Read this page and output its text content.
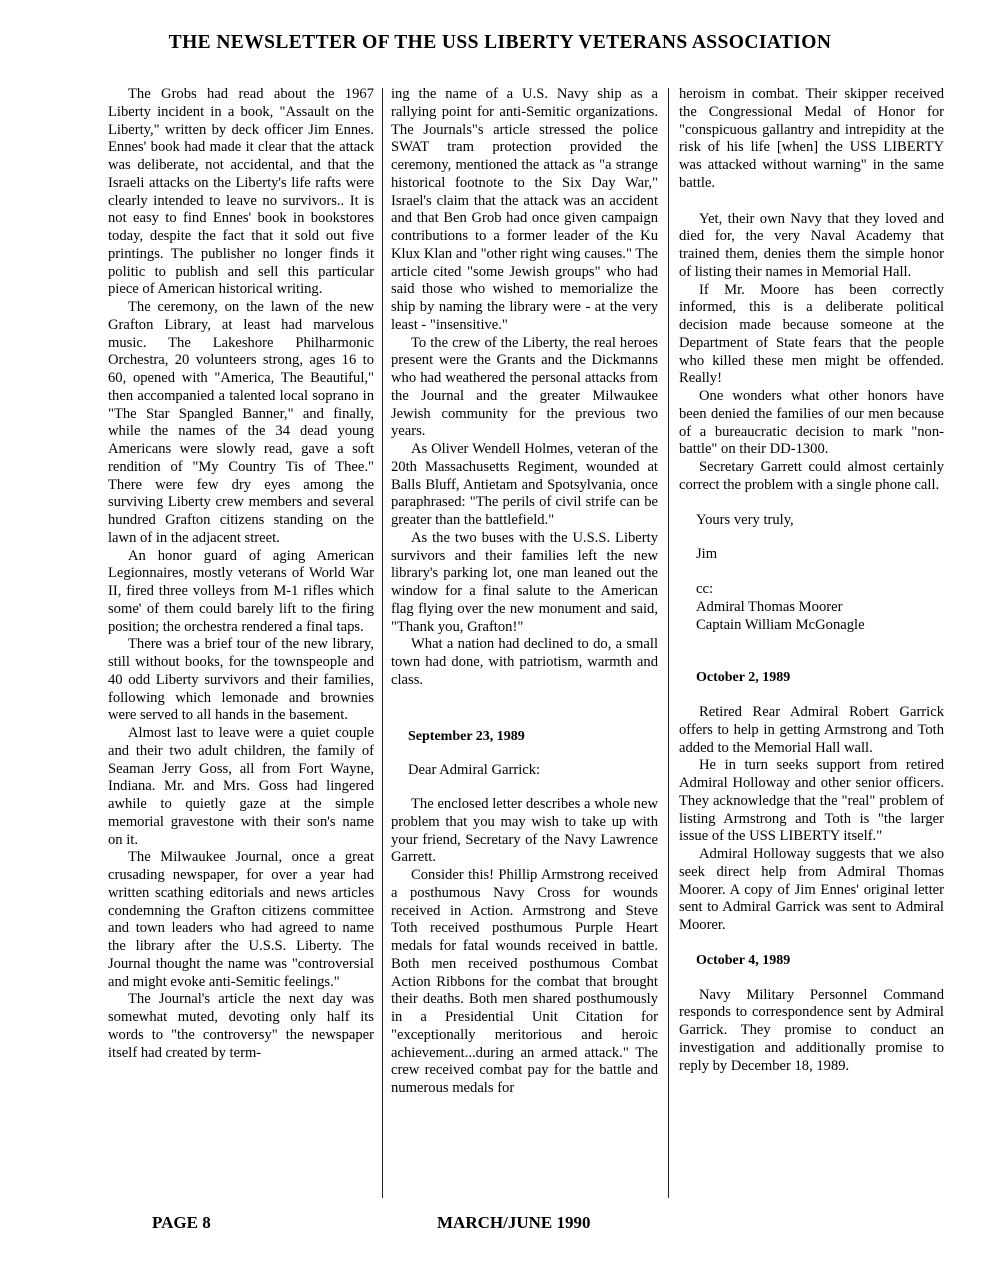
THE NEWSLETTER OF THE USS LIBERTY VETERANS ASSOCIATION

The Grobs had read about the 1967 Liberty incident in a book, "Assault on the Liberty," written by deck officer Jim Ennes. Ennes' book had made it clear that the attack was deliberate, not accidental, and that the Israeli attacks on the Liberty's life rafts were clearly intended to leave no survivors.. It is not easy to find Ennes' book in bookstores today, despite the fact that it sold out five printings. The publisher no longer finds it politic to publish and sell this particular piece of American historical writing.

The ceremony, on the lawn of the new Grafton Library, at least had marvelous music. The Lakeshore Philharmonic Orchestra, 20 volunteers strong, ages 16 to 60, opened with "America, The Beautiful," then accompanied a talented local soprano in "The Star Spangled Banner," and finally, while the names of the 34 dead young Americans were slowly read, gave a soft rendition of "My Country Tis of Thee." There were few dry eyes among the surviving Liberty crew members and several hundred Grafton citizens standing on the lawn of in the adjacent street.

An honor guard of aging American Legionnaires, mostly veterans of World War II, fired three volleys from M-1 rifles which some' of them could barely lift to the firing position; the orchestra rendered a final taps.

There was a brief tour of the new library, still without books, for the townspeople and 40 odd Liberty survivors and their families, following which lemonade and brownies were served to all hands in the basement.

Almost last to leave were a quiet couple and their two adult children, the family of Seaman Jerry Goss, all from Fort Wayne, Indiana. Mr. and Mrs. Goss had lingered awhile to quietly gaze at the simple memorial gravestone with their son's name on it.

The Milwaukee Journal, once a great crusading newspaper, for over a year had written scathing editorials and news articles condemning the Grafton citizens committee and town leaders who had agreed to name the library after the U.S.S. Liberty. The Journal thought the name was "controversial and might evoke anti-Semitic feelings."

The Journal's article the next day was somewhat muted, devoting only half its words to "the controversy" the newspaper itself had created by term-

ing the name of a U.S. Navy ship as a rallying point for anti-Semitic organizations. The Journals"s article stressed the police SWAT tram protection provided the ceremony, mentioned the attack as "a strange historical footnote to the Six Day War," Israel's claim that the attack was an accident and that Ben Grob had once given campaign contributions to a former leader of the Ku Klux Klan and "other right wing causes." The article cited "some Jewish groups" who had said those who wished to memorialize the ship by naming the library were - at the very least - "insensitive."

To the crew of the Liberty, the real heroes present were the Grants and the Dickmanns who had weathered the personal attacks from the Journal and the greater Milwaukee Jewish community for the previous two years.

As Oliver Wendell Holmes, veteran of the 20th Massachusetts Regiment, wounded at Balls Bluff, Antietam and Spotsylvania, once paraphrased: "The perils of civil strife can be greater than the battlefield."

As the two buses with the U.S.S. Liberty survivors and their families left the new library's parking lot, one man leaned out the window for a final salute to the American flag flying over the new monument and said, "Thank you, Grafton!"

What a nation had declined to do, a small town had done, with patriotism, warmth and class.

September 23, 1989

Dear Admiral Garrick:

The enclosed letter describes a whole new problem that you may wish to take up with your friend, Secretary of the Navy Lawrence Garrett.

Consider this! Phillip Armstrong received a posthumous Navy Cross for wounds received in Action. Armstrong and Steve Toth received posthumous Purple Heart medals for fatal wounds received in battle. Both men received posthumous Combat Action Ribbons for the combat that brought their deaths. Both men shared posthumously in a Presidential Unit Citation for "exceptionally meritorious and heroic achievement...during an armed attack." The crew received combat pay for the battle and numerous medals for

heroism in combat. Their skipper received the Congressional Medal of Honor for "conspicuous gallantry and intrepidity at the risk of his life [when] the USS LIBERTY was attacked without warning" in the same battle.

Yet, their own Navy that they loved and died for, the very Naval Academy that trained them, denies them the simple honor of listing their names in Memorial Hall.

If Mr. Moore has been correctly informed, this is a deliberate political decision made because someone at the Department of State fears that the people who killed these men might be offended. Really!

One wonders what other honors have been denied the families of our men because of a bureaucratic decision to mark "non-battle" on their DD-1300.

Secretary Garrett could almost certainly correct the problem with a single phone call.

Yours very truly,

Jim

cc:

Admiral Thomas Moorer

Captain William McGonagle

October 2, 1989

Retired Rear Admiral Robert Garrick offers to help in getting Armstrong and Toth added to the Memorial Hall wall.

He in turn seeks support from retired Admiral Holloway and other senior officers. They acknowledge that the "real" problem of listing Armstrong and Toth is "the larger issue of the USS LIBERTY itself."

Admiral Holloway suggests that we also seek direct help from Admiral Thomas Moorer. A copy of Jim Ennes' original letter sent to Admiral Garrick was sent to Admiral Moorer.

October 4, 1989

Navy Military Personnel Command responds to correspondence sent by Admiral Garrick. They promise to conduct an investigation and additionally promise to reply by December 18, 1989.

PAGE 8	MARCH/JUNE 1990
